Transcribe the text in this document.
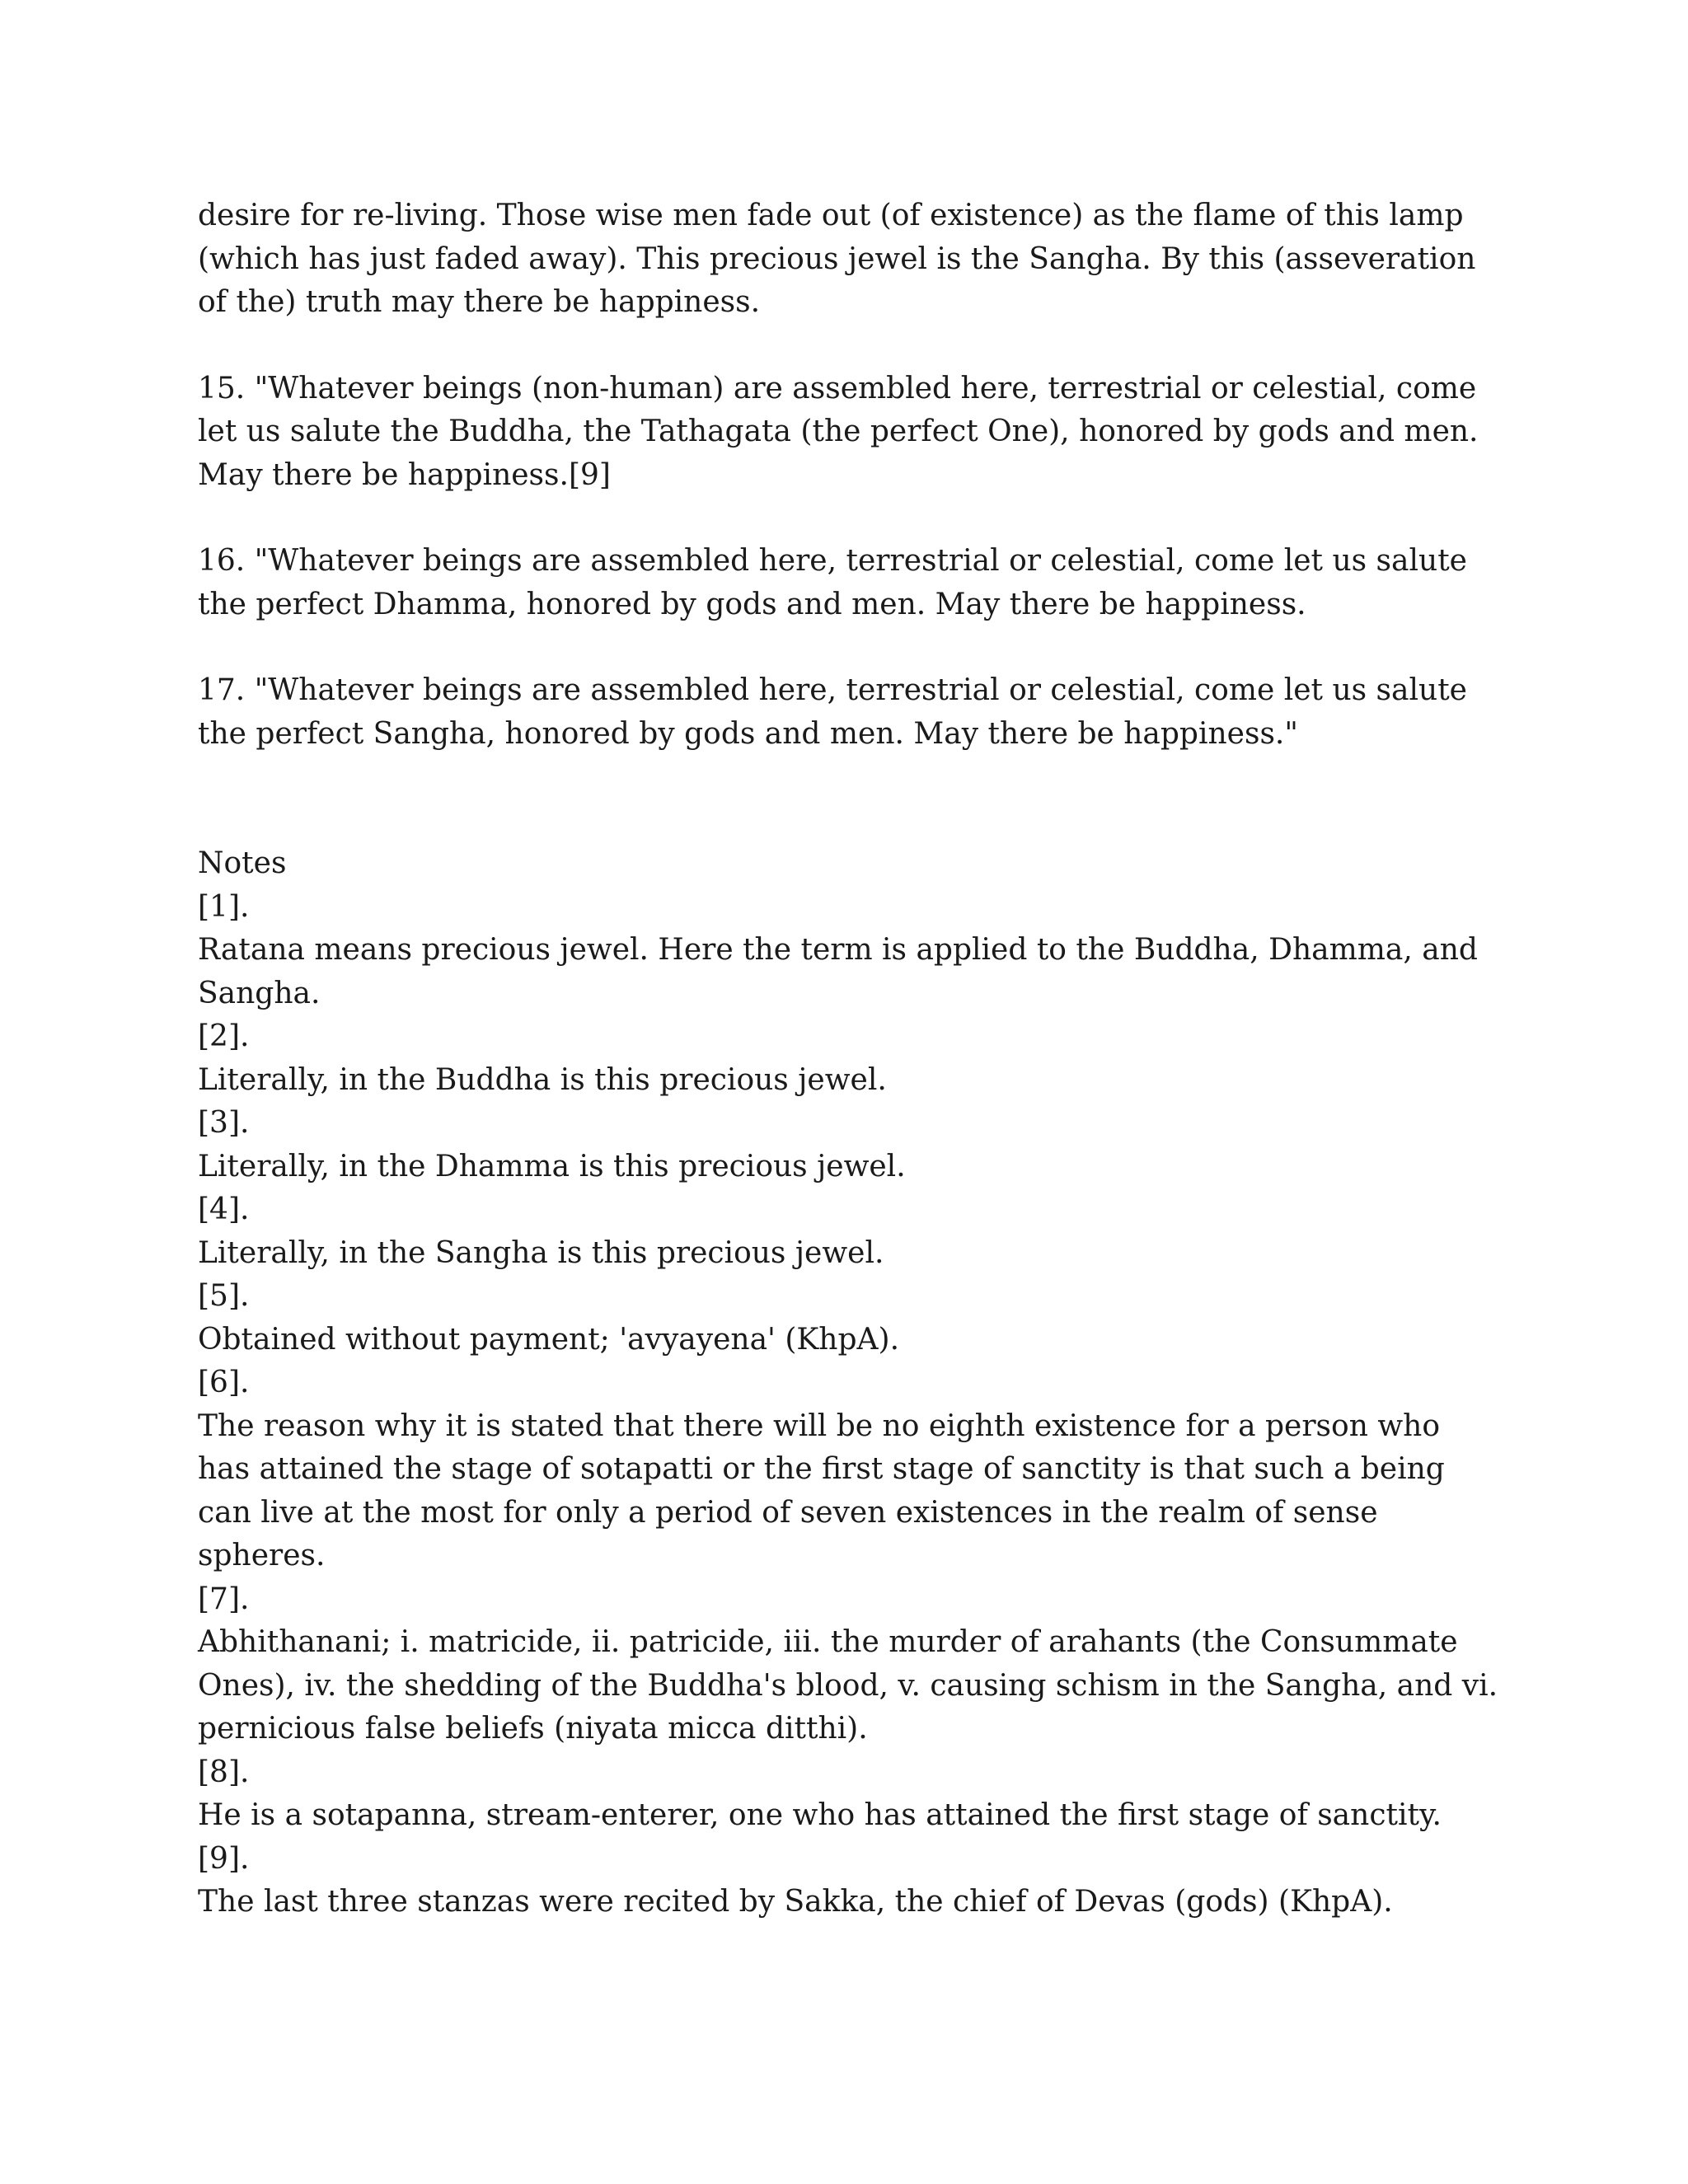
desire for re-living. Those wise men fade out (of existence) as the flame of this lamp (which has just faded away). This precious jewel is the Sangha. By this (asseveration of the) truth may there be happiness.

15. "Whatever beings (non-human) are assembled here, terrestrial or celestial, come let us salute the Buddha, the Tathagata (the perfect One), honored by gods and men. May there be happiness.[9]

16. "Whatever beings are assembled here, terrestrial or celestial, come let us salute the perfect Dhamma, honored by gods and men. May there be happiness.

17. "Whatever beings are assembled here, terrestrial or celestial, come let us salute the perfect Sangha, honored by gods and men. May there be happiness."

Notes

[1].

Ratana means precious jewel. Here the term is applied to the Buddha, Dhamma, and Sangha.

[2].

Literally, in the Buddha is this precious jewel.

[3].

Literally, in the Dhamma is this precious jewel.

[4].

Literally, in the Sangha is this precious jewel.

[5].

Obtained without payment; 'avyayena' (KhpA).

[6].

The reason why it is stated that there will be no eighth existence for a person who has attained the stage of sotapatti or the first stage of sanctity is that such a being can live at the most for only a period of seven existences in the realm of sense spheres.

[7].

Abhithanani; i. matricide, ii. patricide, iii. the murder of arahants (the Consummate Ones), iv. the shedding of the Buddha's blood, v. causing schism in the Sangha, and vi. pernicious false beliefs (niyata micca ditthi).

[8].

He is a sotapanna, stream-enterer, one who has attained the first stage of sanctity.

[9].

The last three stanzas were recited by Sakka, the chief of Devas (gods) (KhpA).
